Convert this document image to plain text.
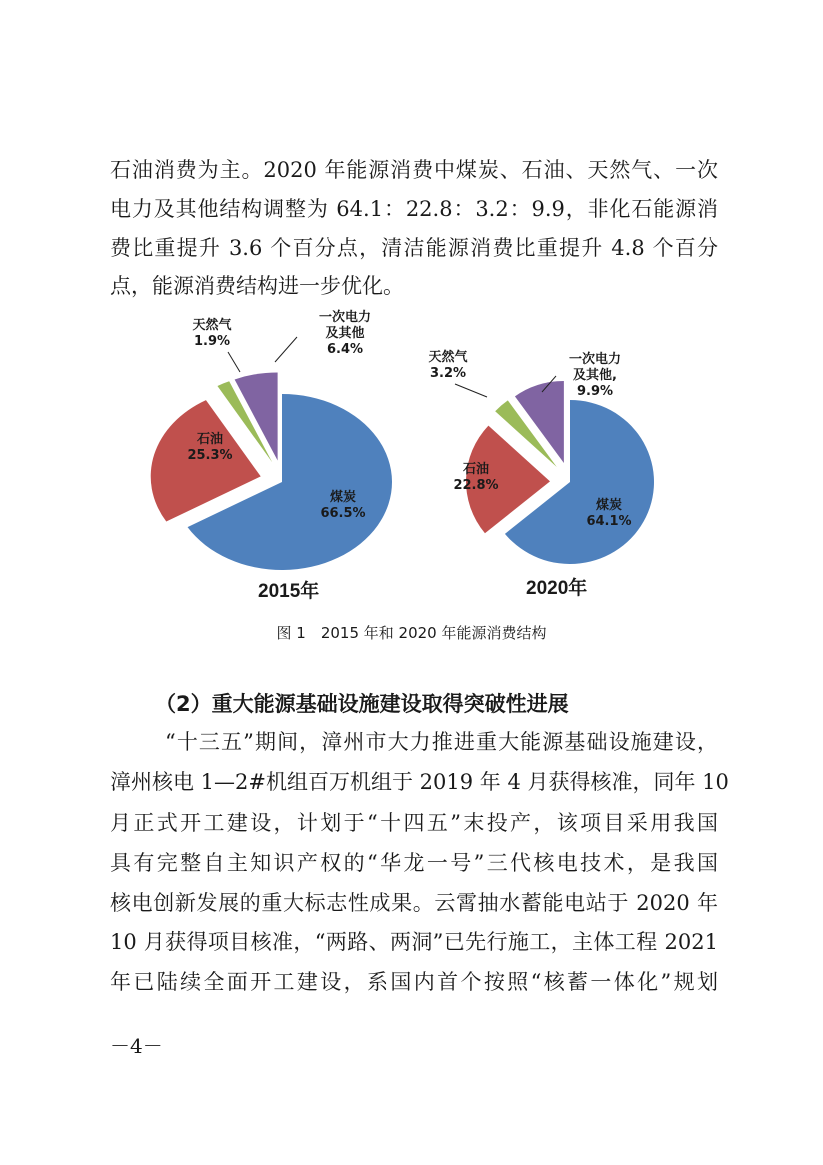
石油消费为主。2020 年能源消费中煤炭、石油、天然气、一次
电力及其他结构调整为 64.1：22.8：3.2：9.9，非化石能源消
费比重提升 3.6 个百分点，清洁能源消费比重提升 4.8 个百分
点，能源消费结构进一步优化。
天然气
1.9%
一次电力及其他
6.4%
石油
25.3%
煤炭
66.5%
2015年
天然气
3.2%
一次电力及其他,
9.9%
石油
22.8%
煤炭
64.1%
2020年
图 1　2015 年和 2020 年能源消费结构
（2）重大能源基础设施建设取得突破性进展
“十三五”期间，漳州市大力推进重大能源基础设施建设，
漳州核电 1—2#机组百万机组于 2019 年 4 月获得核准，同年 10
月正式开工建设，计划于“十四五”末投产，该项目采用我国
具有完整自主知识产权的“华龙一号”三代核电技术，是我国
核电创新发展的重大标志性成果。云霄抽水蓄能电站于 2020 年
10 月获得项目核准，“两路、两洞”已先行施工，主体工程 2021
年已陆续全面开工建设，系国内首个按照“核蓄一体化”规划
－4－
